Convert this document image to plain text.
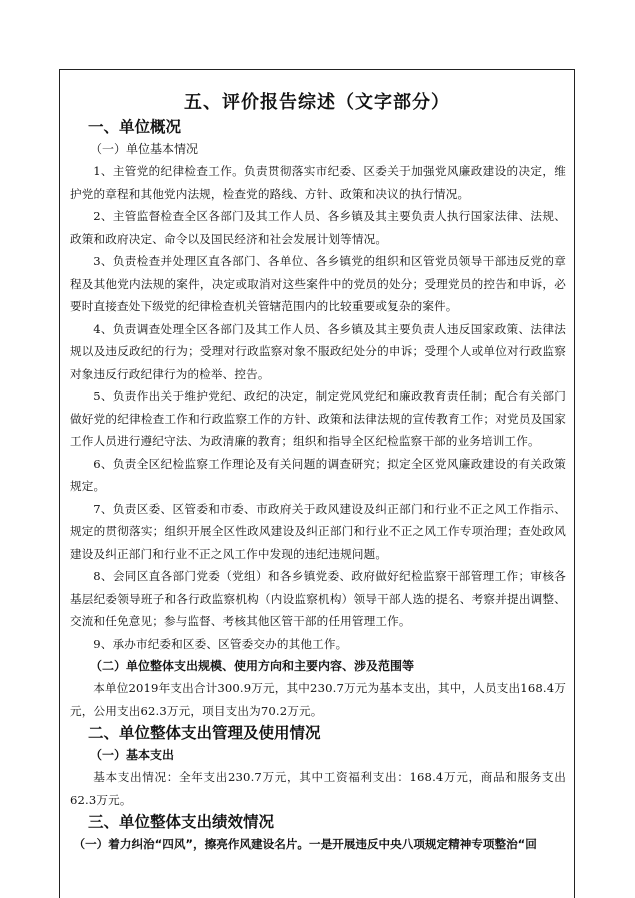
五、评价报告综述（文字部分）
一、单位概况
（一）单位基本情况

1、主管党的纪律检查工作。负责贯彻落实市纪委、区委关于加强党风廉政建设的决定，维护党的章程和其他党内法规，检查党的路线、方针、政策和决议的执行情况。

2、主管监督检查全区各部门及其工作人员、各乡镇及其主要负责人执行国家法律、法规、政策和政府决定、命令以及国民经济和社会发展计划等情况。

3、负责检查并处理区直各部门、各单位、各乡镇党的组织和区管党员领导干部违反党的章程及其他党内法规的案件，决定或取消对这些案件中的党员的处分；受理党员的控告和申诉，必要时直接查处下级党的纪律检查机关管辖范围内的比较重要或复杂的案件。

4、负责调查处理全区各部门及其工作人员、各乡镇及其主要负责人违反国家政策、法律法规以及违反政纪的行为；受理对行政监察对象不服政纪处分的申诉；受理个人或单位对行政监察对象违反行政纪律行为的检举、控告。

5、负责作出关于维护党纪、政纪的决定，制定党风党纪和廉政教育责任制；配合有关部门做好党的纪律检查工作和行政监察工作的方针、政策和法律法规的宣传教育工作；对党员及国家工作人员进行遵纪守法、为政清廉的教育；组织和指导全区纪检监察干部的业务培训工作。

6、负责全区纪检监察工作理论及有关问题的调查研究；拟定全区党风廉政建设的有关政策规定。

7、负责区委、区管委和市委、市政府关于政风建设及纠正部门和行业不正之风工作指示、规定的贯彻落实；组织开展全区性政风建设及纠正部门和行业不正之风工作专项治理；查处政风建设及纠正部门和行业不正之风工作中发现的违纪违规问题。

8、会同区直各部门党委（党组）和各乡镇党委、政府做好纪检监察干部管理工作；审核各基层纪委领导班子和各行政监察机构（内设监察机构）领导干部人选的提名、考察并提出调整、交流和任免意见；参与监督、考核其他区管干部的任用管理工作。

9、承办市纪委和区委、区管委交办的其他工作。

（二）单位整体支出规模、使用方向和主要内容、涉及范围等

本单位2019年支出合计300.9万元，其中230.7万元为基本支出，其中，人员支出168.4万元，公用支出62.3万元，项目支出为70.2万元。

二、单位整体支出管理及使用情况
（一）基本支出

基本支出情况：全年支出230.7万元，其中工资福利支出：168.4万元，商品和服务支出62.3万元。

三、单位整体支出绩效情况

（一）着力纠治“四风”，擦亮作风建设名片。一是开展违反中央八项规定精神专项整治“回
